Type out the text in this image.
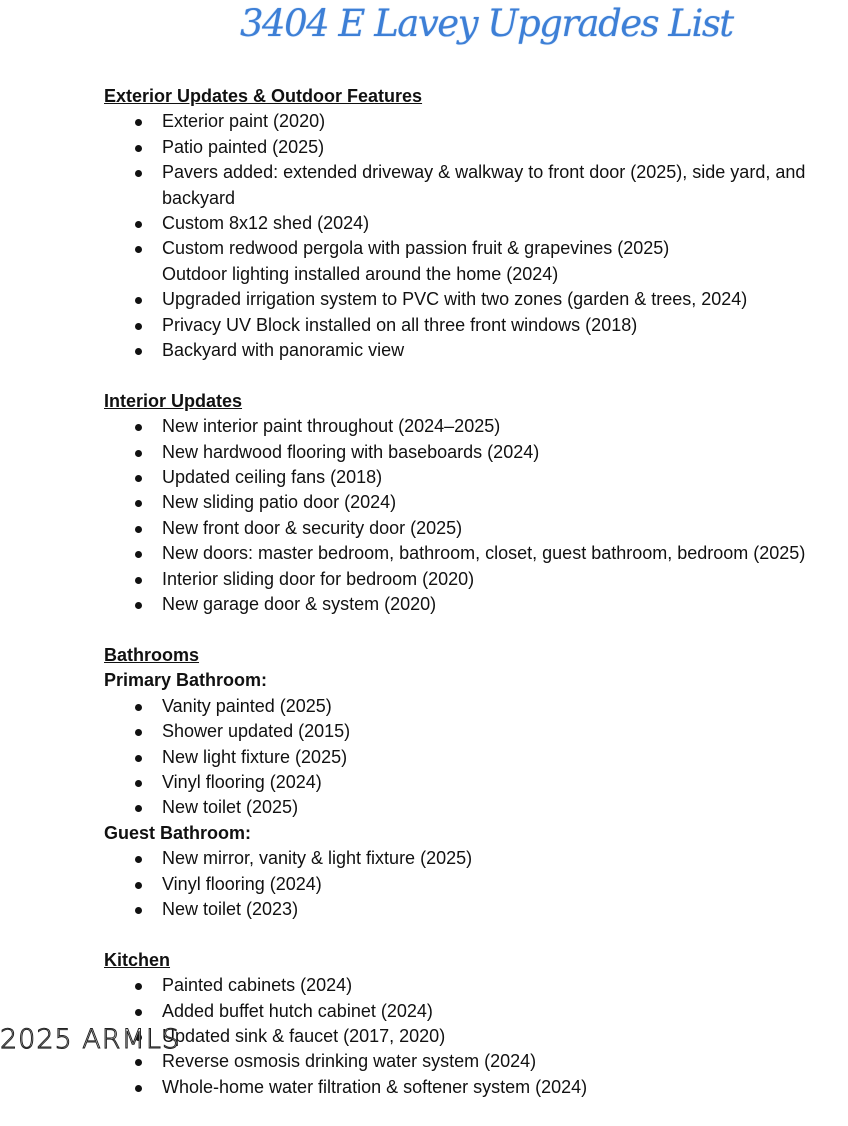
3404 E Lavey Upgrades List
Exterior Updates & Outdoor Features
Exterior paint (2020)
Patio painted (2025)
Pavers added: extended driveway & walkway to front door (2025), side yard, and
backyard
Custom 8x12 shed (2024)
Custom redwood pergola with passion fruit & grapevines (2025)
Outdoor lighting installed around the home (2024)
Upgraded irrigation system to PVC with two zones (garden & trees, 2024)
Privacy UV Block installed on all three front windows (2018)
Backyard with panoramic view
Interior Updates
New interior paint throughout (2024–2025)
New hardwood flooring with baseboards (2024)
Updated ceiling fans (2018)
New sliding patio door (2024)
New front door & security door (2025)
New doors: master bedroom, bathroom, closet, guest bathroom, bedroom (2025)
Interior sliding door for bedroom (2020)
New garage door & system (2020)
Bathrooms
Primary Bathroom:
Vanity painted (2025)
Shower updated (2015)
New light fixture (2025)
Vinyl flooring (2024)
New toilet (2025)
Guest Bathroom:
New mirror, vanity & light fixture (2025)
Vinyl flooring (2024)
New toilet (2023)
Kitchen
Painted cabinets (2024)
Added buffet hutch cabinet (2024)
Updated sink & faucet (2017, 2020)
Reverse osmosis drinking water system (2024)
Whole-home water filtration & softener system (2024)
2025 ARMLS
